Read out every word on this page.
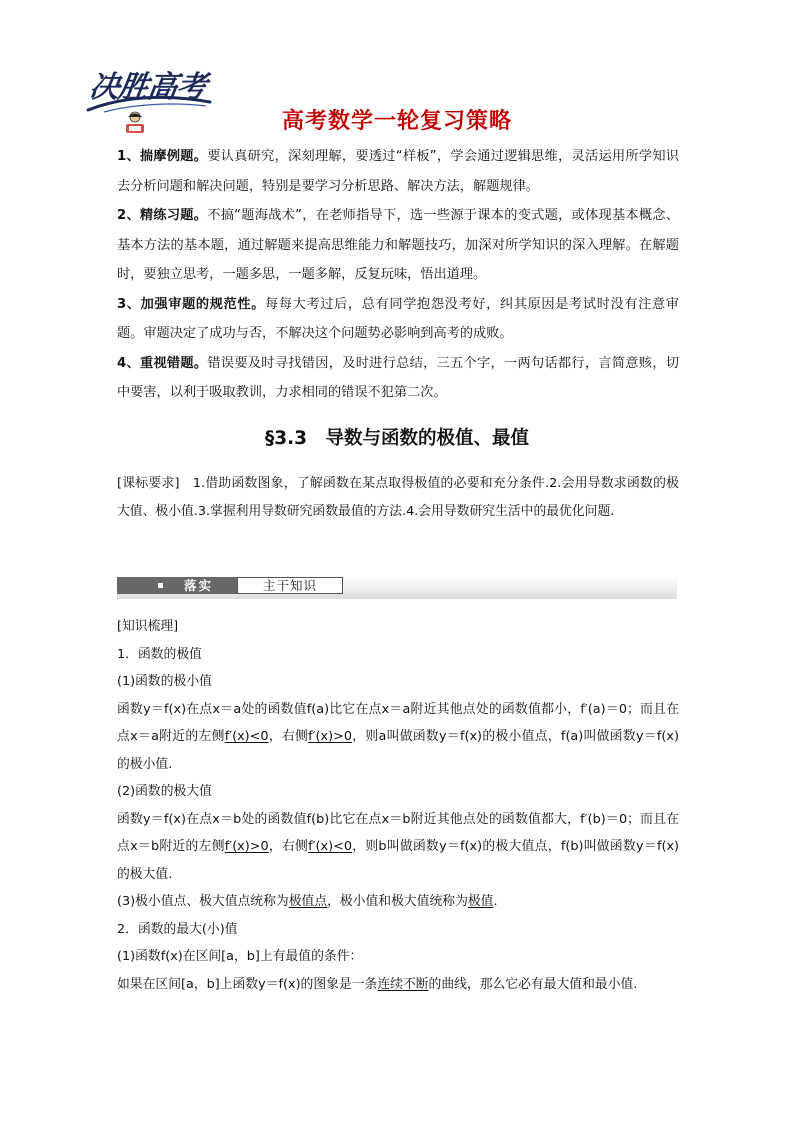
决胜高考
高考数学一轮复习策略

1、揣摩例题。要认真研究，深刻理解，要透过“样板”，学会通过逻辑思维，灵活运用所学知识去分析问题和解决问题，特别是要学习分析思路、解决方法，解题规律。

2、精练习题。不搞“题海战术”，在老师指导下，选一些源于课本的变式题，或体现基本概念、基本方法的基本题，通过解题来提高思维能力和解题技巧，加深对所学知识的深入理解。在解题时，要独立思考，一题多思，一题多解，反复玩味，悟出道理。

3、加强审题的规范性。每每大考过后，总有同学抱怨没考好，纠其原因是考试时没有注意审题。审题决定了成功与否，不解决这个问题势必影响到高考的成败。

4、重视错题。错误要及时寻找错因，及时进行总结，三五个字，一两句话都行，言简意赅，切中要害，以利于吸取教训，力求相同的错误不犯第二次。

§3.3　导数与函数的极值、最值

[课标要求]　1.借助函数图象，了解函数在某点取得极值的必要和充分条件.2.会用导数求函数的极大值、极小值.3.掌握利用导数研究函数最值的方法.4.会用导数研究生活中的最优化问题.

落实	主干知识

[知识梳理]

1．函数的极值

(1)函数的极小值

函数y＝f(x)在点x＝a处的函数值f(a)比它在点x＝a附近其他点处的函数值都小，f′(a)＝0；而且在点x＝a附近的左侧f′(x)<0，右侧f′(x)>0，则a叫做函数y＝f(x)的极小值点，f(a)叫做函数y＝f(x)的极小值.

(2)函数的极大值

函数y＝f(x)在点x＝b处的函数值f(b)比它在点x＝b附近其他点处的函数值都大，f′(b)＝0；而且在点x＝b附近的左侧f′(x)>0，右侧f′(x)<0，则b叫做函数y＝f(x)的极大值点，f(b)叫做函数y＝f(x)的极大值.

(3)极小值点、极大值点统称为极值点，极小值和极大值统称为极值.

2．函数的最大(小)值

(1)函数f(x)在区间[a，b]上有最值的条件：

如果在区间[a，b]上函数y＝f(x)的图象是一条连续不断的曲线，那么它必有最大值和最小值.
